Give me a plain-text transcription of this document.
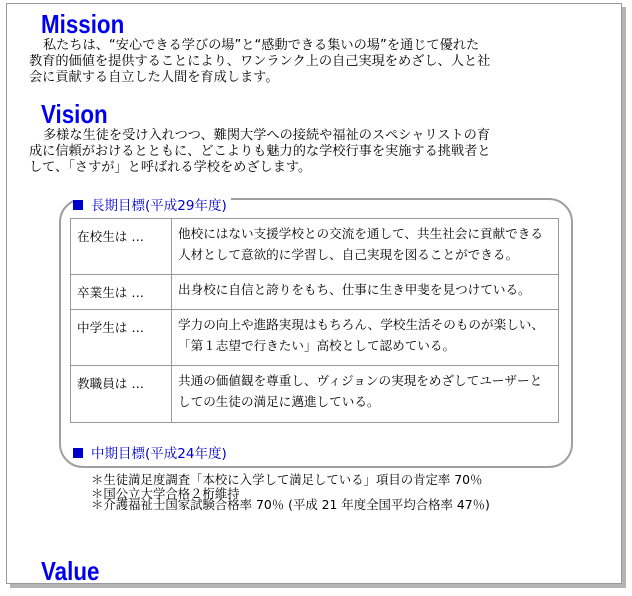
Mission
私たちは、“安心できる学びの場”と“感動できる集いの場”を通じて優れた
教育的価値を提供することにより、ワンランク上の自己実現をめざし、人と社
会に貢献する自立した人間を育成します。
Vision
多様な生徒を受け入れつつ、難関大学への接続や福祉のスペシャリストの育
成に信頼がおけるとともに、どこよりも魅力的な学校行事を実施する挑戦者と
して、「さすが」と呼ばれる学校をめざします。
長期目標(平成29年度)
在校生は …	他校にはない支援学校との交流を通して、共生社会に貢献できる
人材として意欲的に学習し、自己実現を図ることができる。

卒業生は …	出身校に自信と誇りをもち、仕事に生き甲斐を見つけている。

中学生は …	学力の向上や進路実現はもちろん、学校生活そのものが楽しい、
「第１志望で行きたい」高校として認めている。

教職員は …	共通の価値観を尊重し、ヴィジョンの実現をめざしてユーザーと
しての生徒の満足に邁進している。
中期目標(平成24年度)
＊生徒満足度調査「本校に入学して満足している」項目の肯定率 70％
＊国公立大学合格２桁維持
＊介護福祉士国家試験合格率 70％ (平成 21 年度全国平均合格率 47％)
Value
